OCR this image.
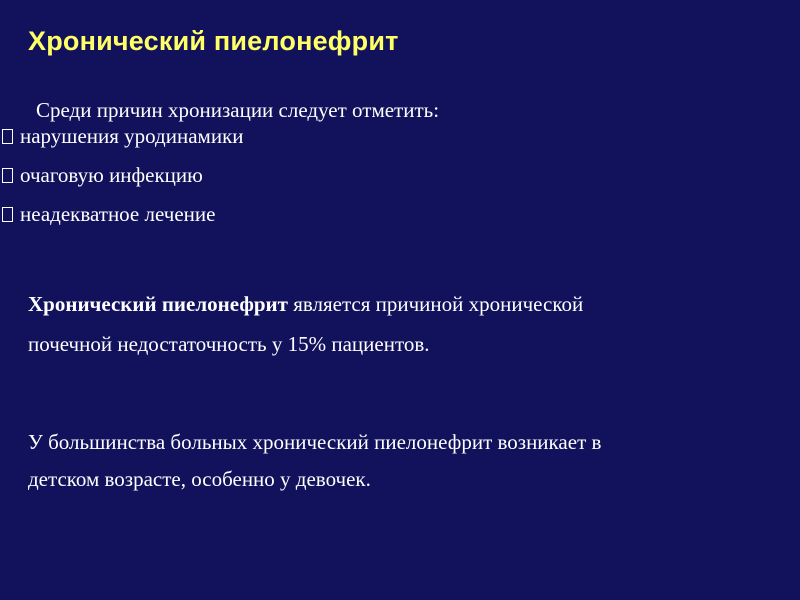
Хронический пиелонефрит
Среди причин хронизации следует отметить:
нарушения уродинамики
очаговую инфекцию
неадекватное лечение
Хронический пиелонефрит является причиной хронической
почечной недостаточность у 15% пациентов.
У большинства больных хронический пиелонефрит возникает в
детском возрасте, особенно у девочек.
